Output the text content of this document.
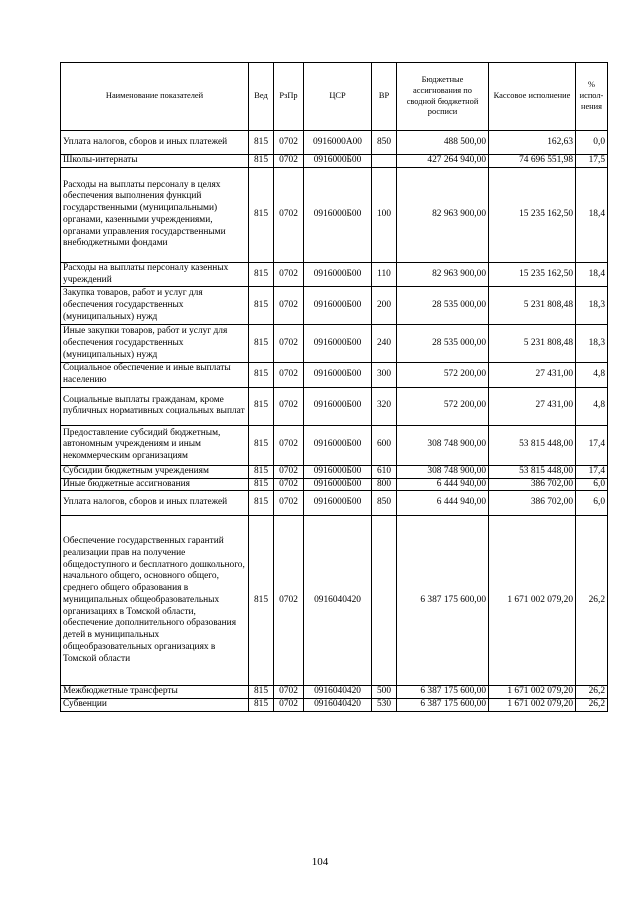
Наименование показателей	Вед	РзПр	ЦСР	ВР	Бюджетные ассигнования по сводной бюджетной росписи	Кассовое исполнение	% испол-нения
Уплата налогов, сборов и иных платежей	815	0702	0916000А00	850	488 500,00	162,63	0,0
Школы-интернаты	815	0702	0916000Б00		427 264 940,00	74 696 551,98	17,5
Расходы на выплаты персоналу в целях обеспечения выполнения функций государственными (муниципальными) органами, казенными учреждениями, органами управления государственными внебюджетными фондами	815	0702	0916000Б00	100	82 963 900,00	15 235 162,50	18,4
Расходы на выплаты персоналу казенных учреждений	815	0702	0916000Б00	110	82 963 900,00	15 235 162,50	18,4
Закупка товаров, работ и услуг для обеспечения государственных (муниципальных) нужд	815	0702	0916000Б00	200	28 535 000,00	5 231 808,48	18,3
Иные закупки товаров, работ и услуг для обеспечения государственных (муниципальных) нужд	815	0702	0916000Б00	240	28 535 000,00	5 231 808,48	18,3
Социальное обеспечение и иные выплаты населению	815	0702	0916000Б00	300	572 200,00	27 431,00	4,8
Социальные выплаты гражданам, кроме публичных нормативных социальных выплат	815	0702	0916000Б00	320	572 200,00	27 431,00	4,8
Предоставление субсидий бюджетным, автономным учреждениям и иным некоммерческим организациям	815	0702	0916000Б00	600	308 748 900,00	53 815 448,00	17,4
Субсидии бюджетным учреждениям	815	0702	0916000Б00	610	308 748 900,00	53 815 448,00	17,4
Иные бюджетные ассигнования	815	0702	0916000Б00	800	6 444 940,00	386 702,00	6,0
Уплата налогов, сборов и иных платежей	815	0702	0916000Б00	850	6 444 940,00	386 702,00	6,0
Обеспечение государственных гарантий реализации прав на получение общедоступного и бесплатного дошкольного, начального общего, основного общего, среднего общего образования в муниципальных общеобразовательных организациях в Томской области, обеспечение дополнительного образования детей в муниципальных общеобразовательных организациях в Томской области	815	0702	0916040420		6 387 175 600,00	1 671 002 079,20	26,2
Межбюджетные трансферты	815	0702	0916040420	500	6 387 175 600,00	1 671 002 079,20	26,2
Субвенции	815	0702	0916040420	530	6 387 175 600,00	1 671 002 079,20	26,2
104
